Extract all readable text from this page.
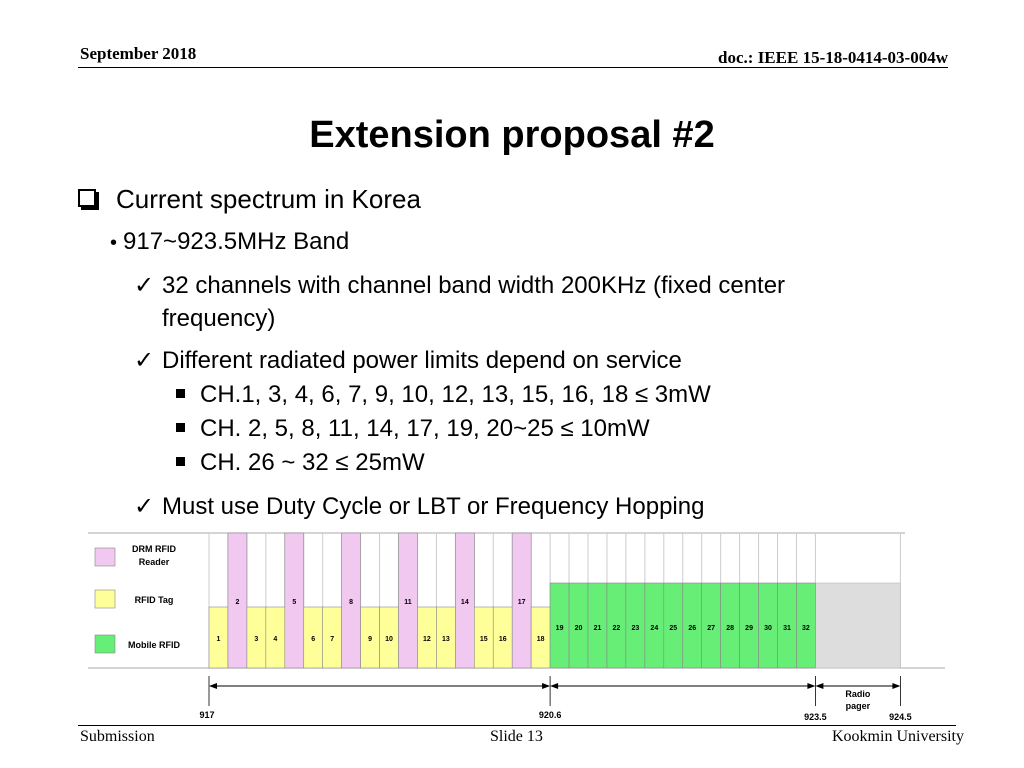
September 2018	doc.: IEEE 15-18-0414-03-004w
Extension proposal #2
Current spectrum in Korea
• 917~923.5MHz Band
✓ 32 channels with channel band width 200KHz (fixed center
frequency)
✓ Different radiated power limits depend on service
CH.1, 3, 4, 6, 7, 9, 10, 12, 13, 15, 16, 18 ≤ 3mW
CH. 2, 5, 8, 11, 14, 17, 19, 20~25 ≤ 10mW
CH. 26 ~ 32 ≤ 25mW
✓ Must use Duty Cycle or LBT or Frequency Hopping
1
2
3 4
5
6 7
8
9 10
11
12 13
14
15 16
17
18
19 20 21 22 23 24 25 26 27 28 29 30 31 32
DRM RFID
Reader
RFID Tag
Mobile RFID
917	920.6	923.5	924.5
Radio
pager
Submission	Slide 13	Kookmin University
